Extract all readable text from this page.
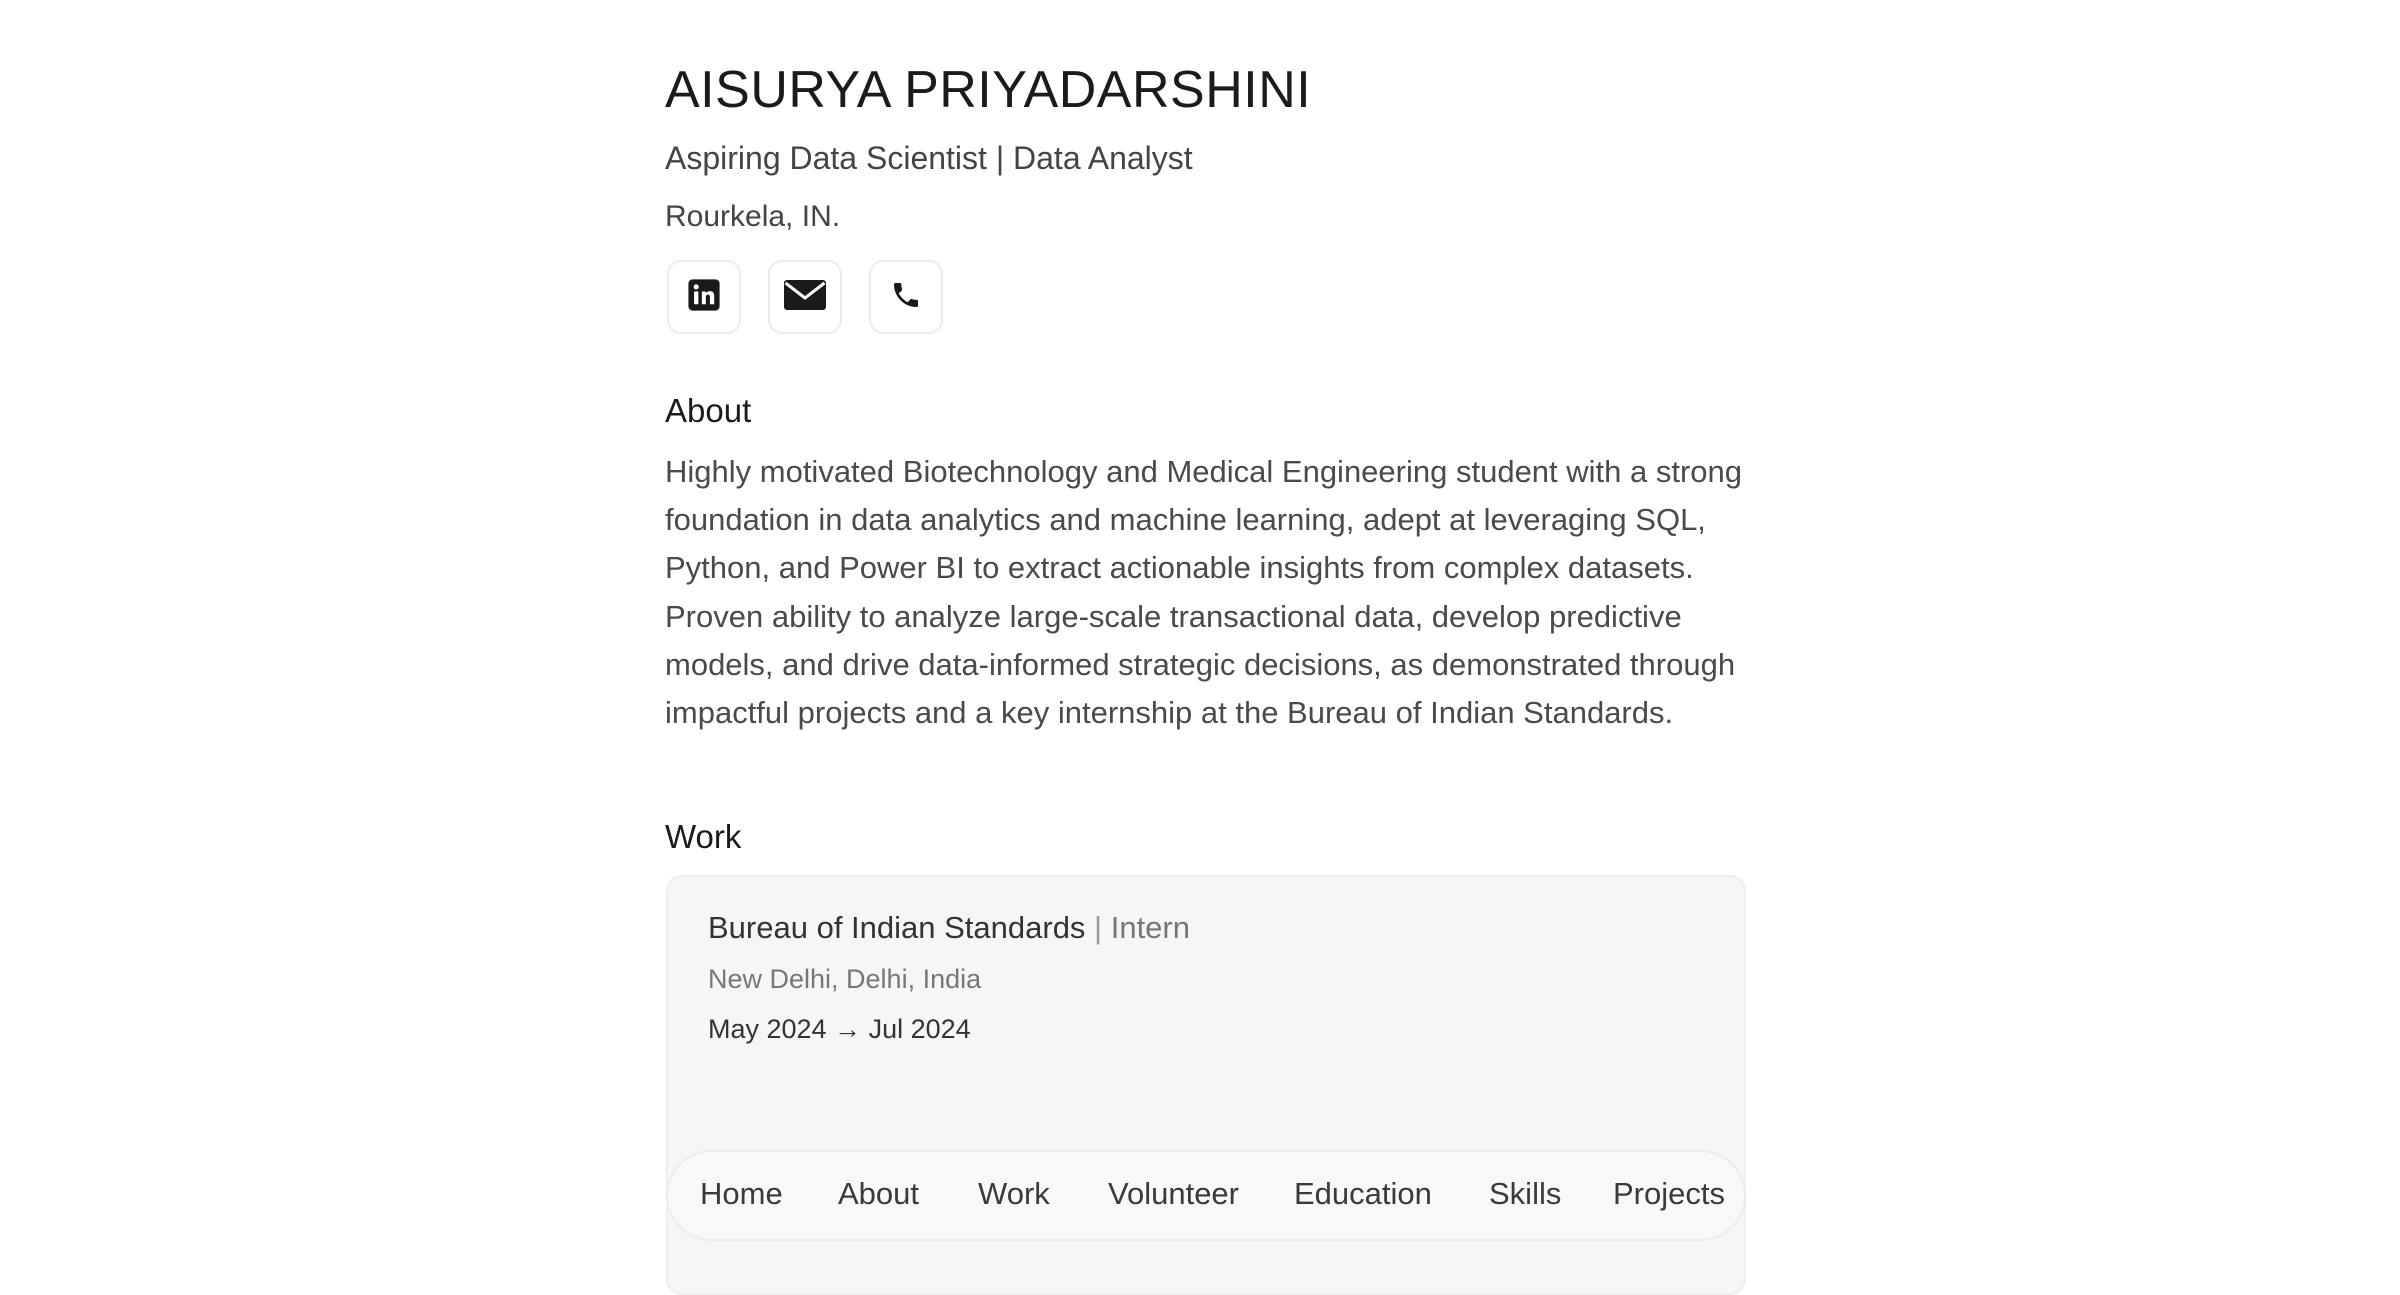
AISURYA PRIYADARSHINI
Aspiring Data Scientist | Data Analyst
Rourkela, IN.
About

Highly motivated Biotechnology and Medical Engineering student with a strong foundation in data analytics and machine learning, adept at leveraging SQL, Python, and Power BI to extract actionable insights from complex datasets. Proven ability to analyze large-scale transactional data, develop predictive models, and drive data-informed strategic decisions, as demonstrated through impactful projects and a key internship at the Bureau of Indian Standards.

Work
Bureau of Indian Standards | Intern
New Delhi, Delhi, India
May 2024 → Jul 2024
Home About Work Volunteer Education Skills Projects
